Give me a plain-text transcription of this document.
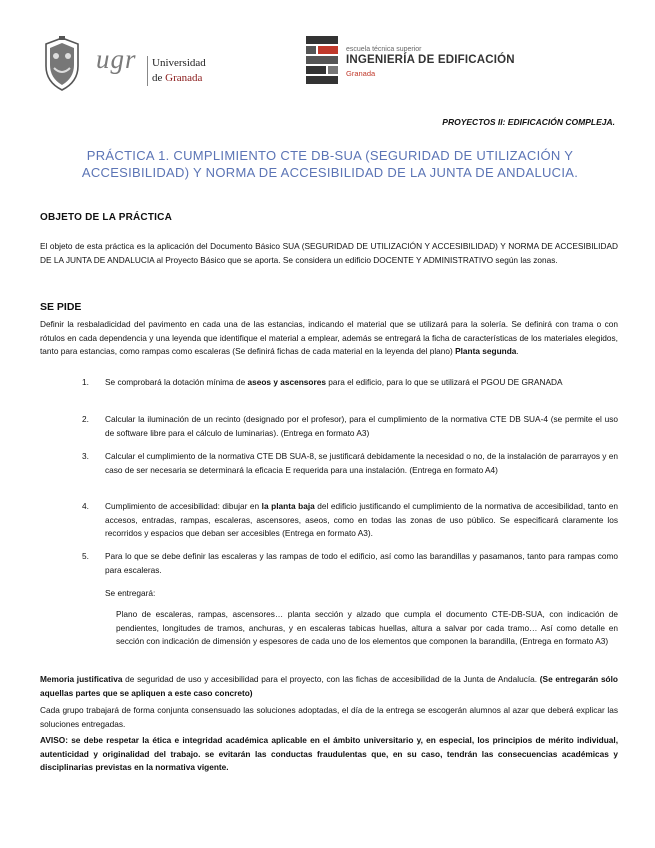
ugr Universidad
de Granada
escuela técnica superior
INGENIERÍA DE EDIFICACIÓN
Granada
PROYECTOS II: EDIFICACIÓN COMPLEJA.
PRÁCTICA 1. CUMPLIMIENTO CTE DB-SUA (SEGURIDAD DE UTILIZACIÓN Y ACCESIBILIDAD) Y NORMA DE ACCESIBILIDAD DE LA JUNTA DE ANDALUCIA.
OBJETO DE LA PRÁCTICA
El objeto de esta práctica es la aplicación del Documento Básico SUA (SEGURIDAD DE UTILIZACIÓN Y ACCESIBILIDAD) Y NORMA DE ACCESIBILIDAD DE LA JUNTA DE ANDALUCIA al Proyecto Básico que se aporta. Se considera un edificio DOCENTE Y ADMINISTRATIVO según las zonas.
SE PIDE
Definir la resbaladicidad del pavimento en cada una de las estancias, indicando el material que se utilizará para la solería. Se definirá con trama o con rótulos en cada dependencia y una leyenda que identifique el material a emplear, además se entregará la ficha de características de los materiales elegidos, tanto para estancias, como rampas como escaleras (Se definirá fichas de cada material en la leyenda del plano) Planta segunda.
1. Se comprobará la dotación mínima de aseos y ascensores para el edificio, para lo que se utilizará el PGOU DE GRANADA
2. Calcular la iluminación de un recinto (designado por el profesor), para el cumplimiento de la normativa CTE DB SUA-4 (se permite el uso de software libre para el cálculo de luminarias). (Entrega en formato A3)
3. Calcular el cumplimiento de la normativa CTE DB SUA-8, se justificará debidamente la necesidad o no, de la instalación de pararrayos y en caso de ser necesaria se determinará la eficacia E requerida para una instalación. (Entrega en formato A4)
4. Cumplimiento de accesibilidad: dibujar en la planta baja del edificio justificando el cumplimiento de la normativa de accesibilidad, tanto en accesos, entradas, rampas, escaleras, ascensores, aseos, como en todas las zonas de uso público. Se especificará claramente los recorridos y espacios que deban ser accesibles (Entrega en formato A3).
5. Para lo que se debe definir las escaleras y las rampas de todo el edificio, así como las barandillas y pasamanos, tanto para rampas como para escaleras.
Se entregará:
Plano de escaleras, rampas, ascensores… planta sección y alzado que cumpla el documento CTE-DB-SUA, con indicación de pendientes, longitudes de tramos, anchuras, y en escaleras tabicas huellas, altura a salvar por cada tramo… Así como detalle en sección con indicación de dimensión y espesores de cada uno de los elementos que componen la barandilla, (Entrega en formato A3)
Memoria justificativa de seguridad de uso y accesibilidad para el proyecto, con las fichas de accesibilidad de la Junta de Andalucía. (Se entregarán sólo aquellas partes que se apliquen a este caso concreto)
Cada grupo trabajará de forma conjunta consensuado las soluciones adoptadas, el día de la entrega se escogerán alumnos al azar que deberá explicar las soluciones entregadas.
AVISO: se debe respetar la ética e integridad académica aplicable en el ámbito universitario y, en especial, los principios de mérito individual, autenticidad y originalidad del trabajo. se evitarán las conductas fraudulentas que, en su caso, tendrán las consecuencias académicas y disciplinarias previstas en la normativa vigente.
